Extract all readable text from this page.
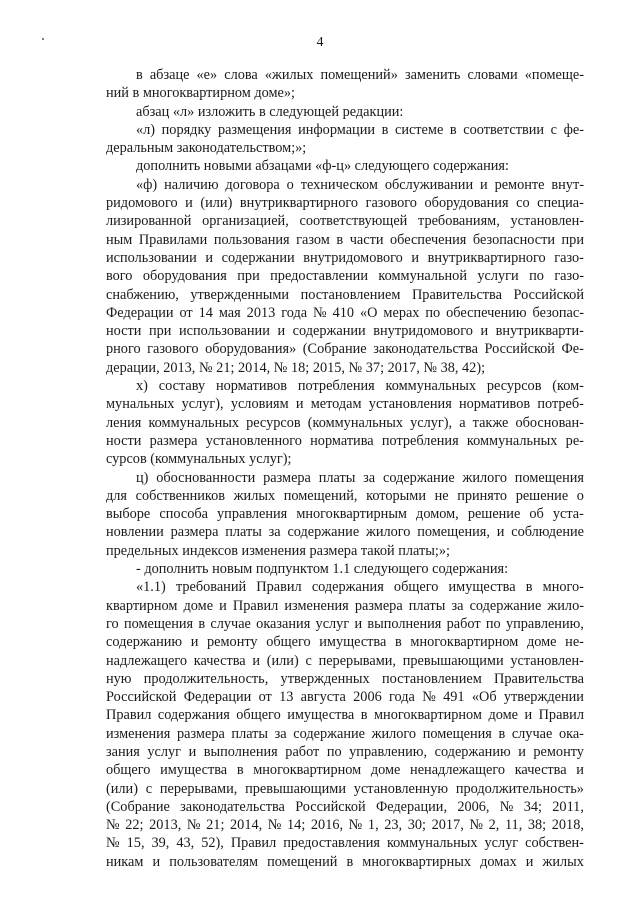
4
в абзаце «е» слова «жилых помещений» заменить словами «помеще-
ний в многоквартирном доме»;
абзац «л» изложить в следующей редакции:
«л) порядку размещения информации в системе в соответствии с фе-
деральным законодательством;»;
дополнить новыми абзацами «ф-ц» следующего содержания:
«ф) наличию договора о техническом обслуживании и ремонте внут-
ридомового и (или) внутриквартирного газового оборудования со специа-
лизированной организацией, соответствующей требованиям, установлен-
ным Правилами пользования газом в части обеспечения безопасности при
использовании и содержании внутридомового и внутриквартирного газо-
вого оборудования при предоставлении коммунальной услуги по газо-
снабжению, утвержденными постановлением Правительства Российской
Федерации от 14 мая 2013 года № 410 «О мерах по обеспечению безопас-
ности при использовании и содержании внутридомового и внутрикварти-
рного газового оборудования» (Собрание законодательства Российской Фе-
дерации, 2013, № 21; 2014, № 18; 2015, № 37; 2017, № 38, 42);
х) составу нормативов потребления коммунальных ресурсов (ком-
мунальных услуг), условиям и методам установления нормативов потреб-
ления коммунальных ресурсов (коммунальных услуг), а также обоснован-
ности размера установленного норматива потребления коммунальных ре-
сурсов (коммунальных услуг);
ц) обоснованности размера платы за содержание жилого помещения
для собственников жилых помещений, которыми не принято решение о
выборе способа управления многоквартирным домом, решение об уста-
новлении размера платы за содержание жилого помещения, и соблюдение
предельных индексов изменения размера такой платы;»;
- дополнить новым подпунктом 1.1 следующего содержания:
«1.1) требований Правил содержания общего имущества в много-
квартирном доме и Правил изменения размера платы за содержание жило-
го помещения в случае оказания услуг и выполнения работ по управлению,
содержанию и ремонту общего имущества в многоквартирном доме не-
надлежащего качества и (или) с перерывами, превышающими установлен-
ную продолжительность, утвержденных постановлением Правительства
Российской Федерации от 13 августа 2006 года № 491 «Об утверждении
Правил содержания общего имущества в многоквартирном доме и Правил
изменения размера платы за содержание жилого помещения в случае ока-
зания услуг и выполнения работ по управлению, содержанию и ремонту
общего имущества в многоквартирном доме ненадлежащего качества и
(или) с перерывами, превышающими установленную продолжительность»
(Собрание законодательства Российской Федерации, 2006, № 34; 2011,
№ 22; 2013, № 21; 2014, № 14; 2016, № 1, 23, 30; 2017, № 2, 11, 38; 2018,
№ 15, 39, 43, 52), Правил предоставления коммунальных услуг собствен-
никам и пользователям помещений в многоквартирных домах и жилых
